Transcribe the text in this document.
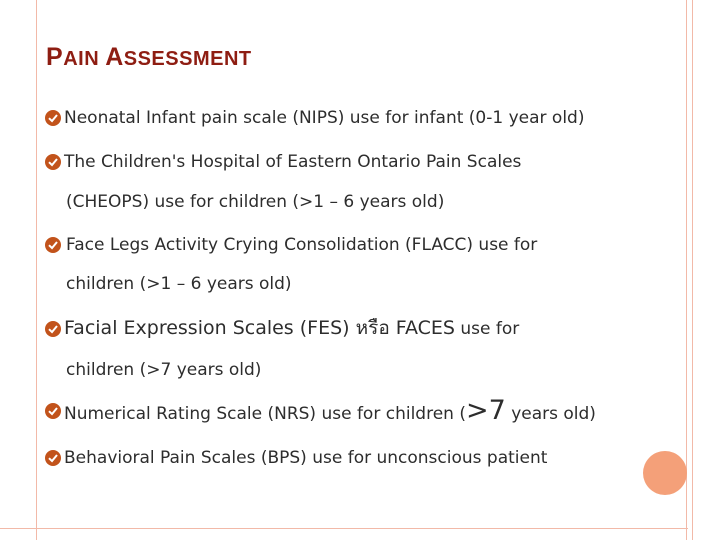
PAIN ASSESSMENT
Neonatal Infant pain scale (NIPS) use for infant (0-1 year old)
The Children's Hospital of Eastern Ontario Pain Scales
(CHEOPS) use for children (>1 – 6 years old)
Face Legs Activity Crying Consolidation (FLACC) use for
children (>1 – 6 years old)
Facial Expression Scales (FES) หรือ FACES use for
children (>7 years old)
Numerical Rating Scale (NRS) use for children (>7 years old)
Behavioral Pain Scales (BPS) use for unconscious patient
